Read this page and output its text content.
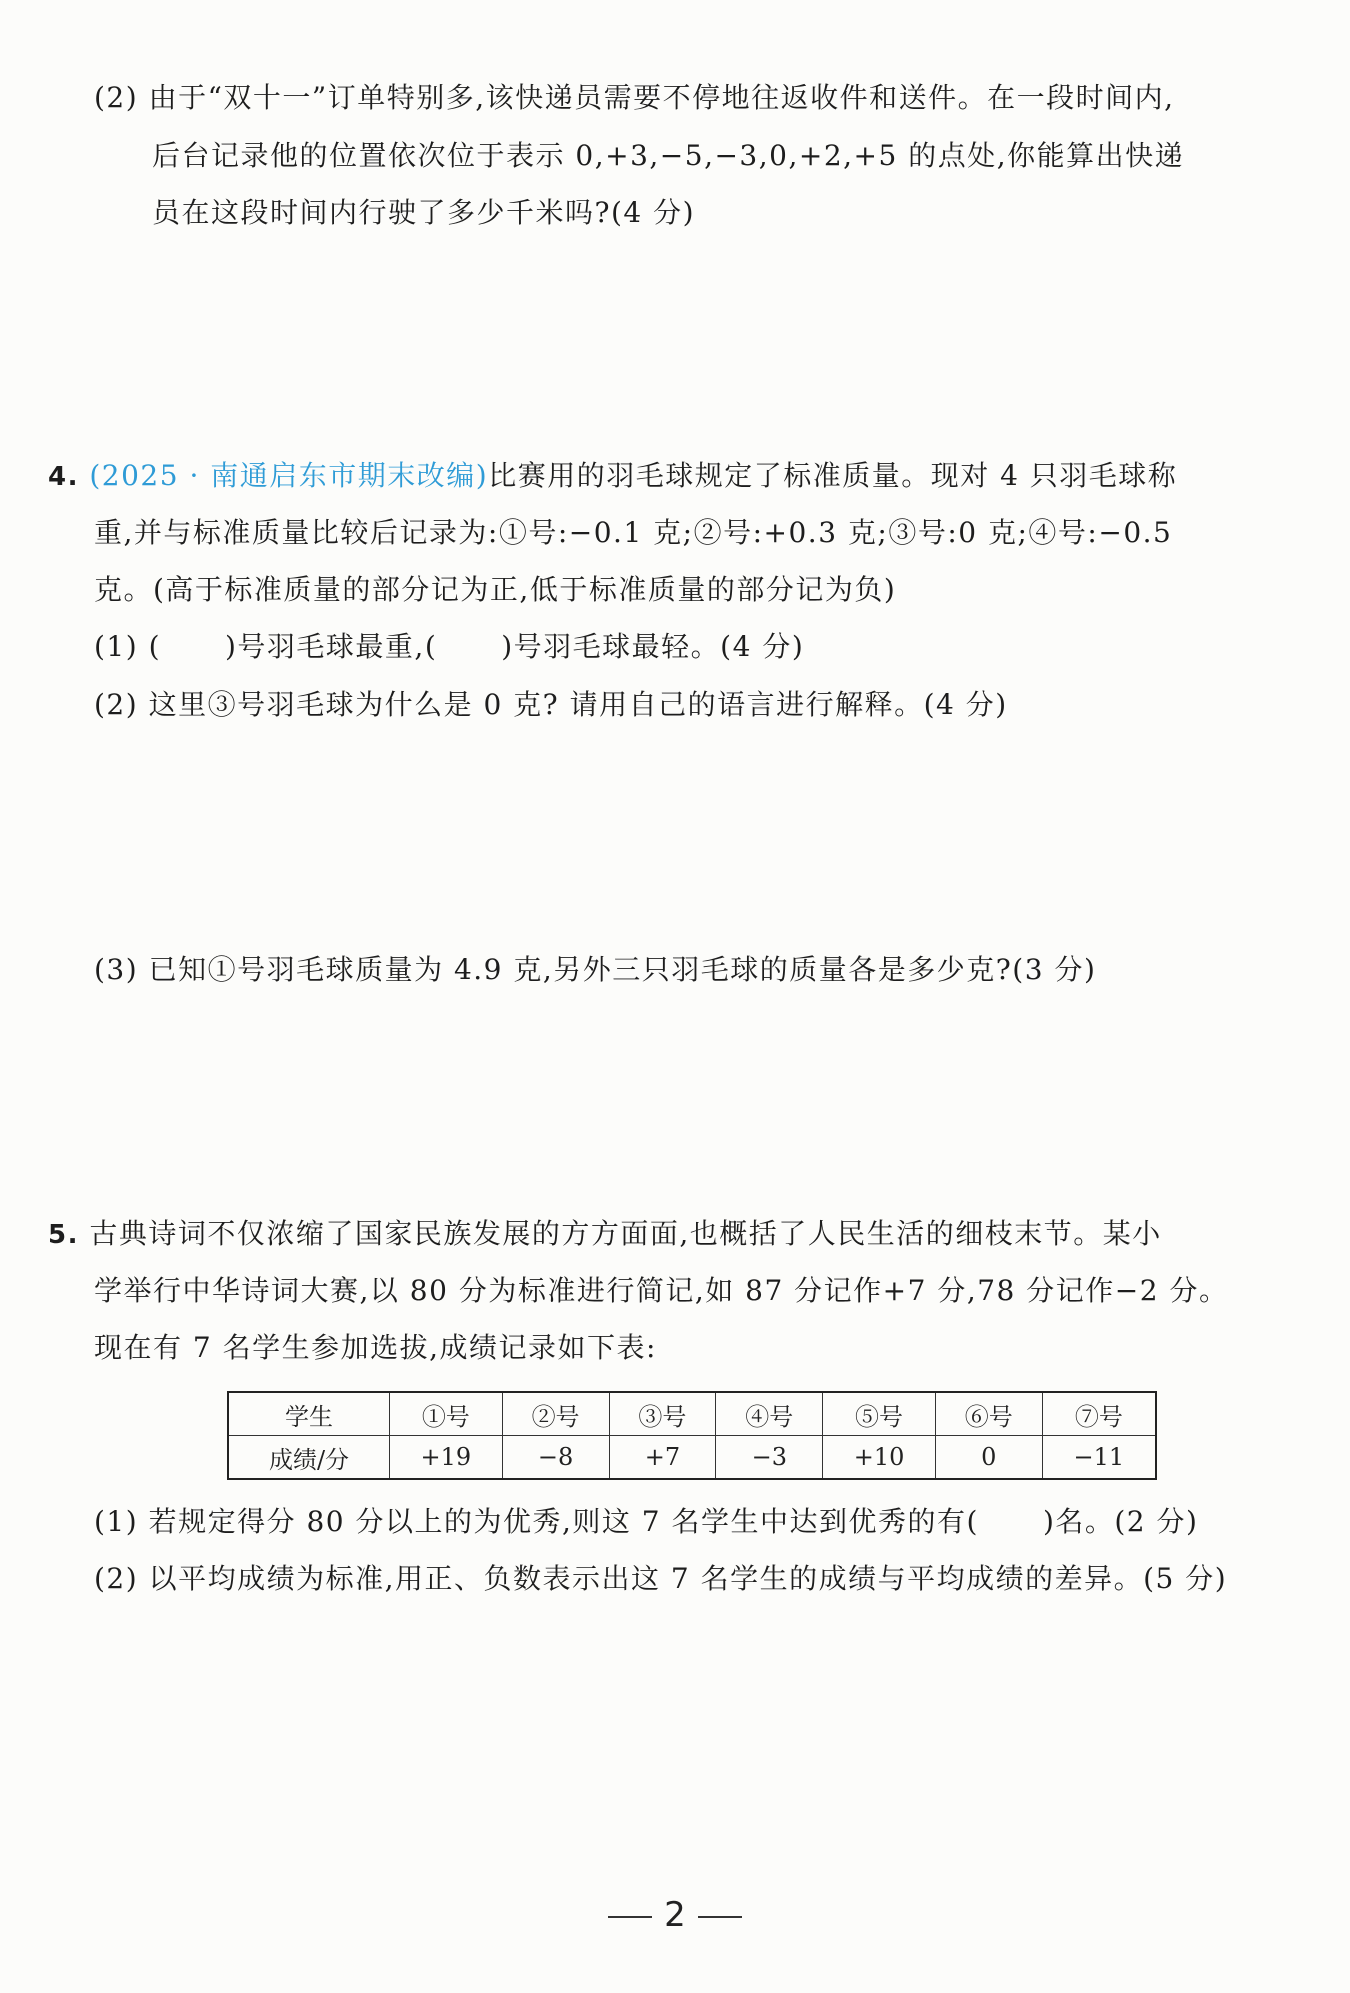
(2) 由于“双十一”订单特别多,该快递员需要不停地往返收件和送件。在一段时间内,
后台记录他的位置依次位于表示 0,+3,−5,−3,0,+2,+5 的点处,你能算出快递
员在这段时间内行驶了多少千米吗?(4 分)
4. (2025 · 南通启东市期末改编)比赛用的羽毛球规定了标准质量。现对 4 只羽毛球称
重,并与标准质量比较后记录为:①号:−0.1 克;②号:+0.3 克;③号:0 克;④号:−0.5
克。(高于标准质量的部分记为正,低于标准质量的部分记为负)
(1) ( )号羽毛球最重,( )号羽毛球最轻。(4 分)
(2) 这里③号羽毛球为什么是 0 克? 请用自己的语言进行解释。(4 分)
(3) 已知①号羽毛球质量为 4.9 克,另外三只羽毛球的质量各是多少克?(3 分)
5. 古典诗词不仅浓缩了国家民族发展的方方面面,也概括了人民生活的细枝末节。某小
学举行中华诗词大赛,以 80 分为标准进行简记,如 87 分记作+7 分,78 分记作−2 分。
现在有 7 名学生参加选拔,成绩记录如下表:
学生	①号	②号	③号	④号	⑤号	⑥号	⑦号
成绩/分	+19	−8	+7	−3	+10	0	−11
(1) 若规定得分 80 分以上的为优秀,则这 7 名学生中达到优秀的有( )名。(2 分)
(2) 以平均成绩为标准,用正、负数表示出这 7 名学生的成绩与平均成绩的差异。(5 分)
2
